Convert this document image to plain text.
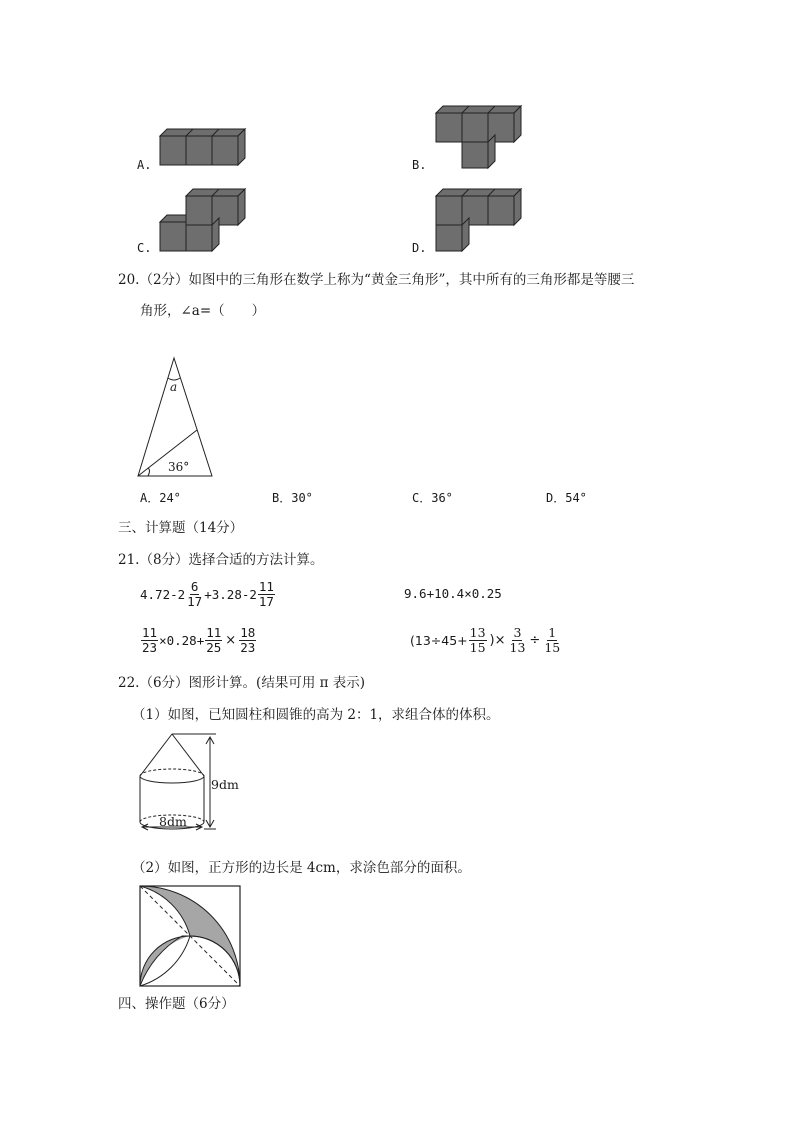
A.	B.
C.	D.
20.（2分）如图中的三角形在数学上称为“黄金三角形”，其中所有的三角形都是等腰三
角形，∠a=（　　）
a
36°
A．24°	B．30°	C．36°	D．54°
三、计算题（14分）
21.（8分）选择合适的方法计算。
$4.72-2 \frac{6}{17} +3.28-2 \frac{11}{17}$	9.6+10.4×0.25
$\frac{11}{23} \times 0.28+ \frac{11}{25} \times \frac{18}{23}$	($13\div 45+ \frac{13}{15}$ )× $\frac{3}{13} \div \frac{1}{15}$
22.（6分）图形计算。(结果可用 π 表示)
（1）如图，已知圆柱和圆锥的高为 2：1，求组合体的体积。
9dm
8dm
（2）如图，正方形的边长是 4cm，求涂色部分的面积。
四、操作题（6分）
